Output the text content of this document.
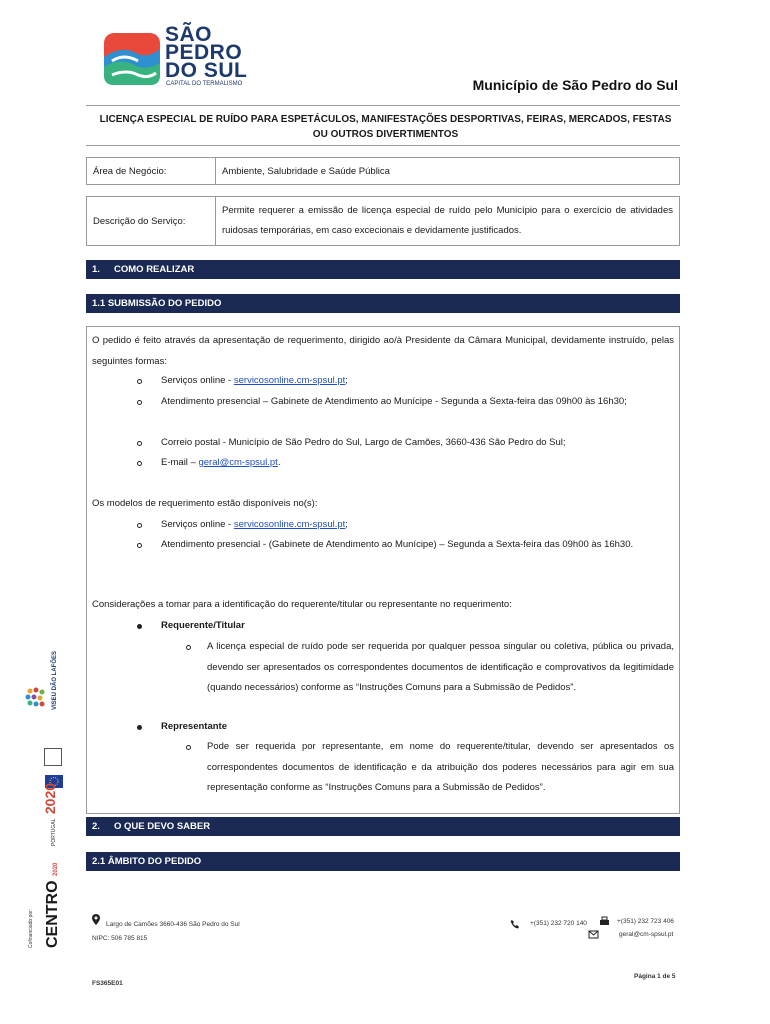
SÃO
PEDRO
DO SUL
CAPITAL DO TERMALISMO	Município de São Pedro do Sul
LICENÇA ESPECIAL DE RUÍDO PARA ESPETÁCULOS, MANIFESTAÇÕES DESPORTIVAS, FEIRAS, MERCADOS, FESTAS OU OUTROS DIVERTIMENTOS
Área de Negócio:	Ambiente, Salubridade e Saúde Pública
Descrição do Serviço:	Permite requerer a emissão de licença especial de ruído pelo Município para o exercício de atividades ruidosas temporárias, em caso excecionais e devidamente justificados.
1. COMO REALIZAR
1.1 SUBMISSÃO DO PEDIDO
O pedido é feito através da apresentação de requerimento, dirigido ao/à Presidente da Câmara Municipal, devidamente instruído, pelas seguintes formas:
Serviços online - servicosonline.cm-spsul.pt;
Atendimento presencial – Gabinete de Atendimento ao Munícipe - Segunda a Sexta-feira das 09h00 às 16h30;
Correio postal - Município de São Pedro do Sul, Largo de Camões, 3660-436 São Pedro do Sul;
E-mail – geral@cm-spsul.pt.
Os modelos de requerimento estão disponíveis no(s):
Serviços online - servicosonline.cm-spsul.pt;
Atendimento presencial - (Gabinete de Atendimento ao Munícipe) – Segunda a Sexta-feira das 09h00 às 16h30.
Considerações a tomar para a identificação do requerente/titular ou representante no requerimento:
Requerente/Titular
A licença especial de ruído pode ser requerida por qualquer pessoa singular ou coletiva, pública ou privada, devendo ser apresentados os correspondentes documentos de identificação e comprovativos da legitimidade (quando necessários) conforme as “Instruções Comuns para a Submissão de Pedidos”.
Representante
Pode ser requerida por representante, em nome do requerente/titular, devendo ser apresentados os correspondentes documentos de identificação e da atribuição dos poderes necessários para agir em sua representação conforme as “Instruções Comuns para a Submissão de Pedidos”.
2. O QUE DEVO SABER
2.1 ÂMBITO DO PEDIDO
Largo de Camões 3660-436 São Pedro do Sul
NIPC: 506 785 815
+(351) 232 720 140	+(351) 232 723 406
geral@cm-spsul.pt
Página 1 de 5
FS365E01
VISEU DÃO LAFÕES
PORTUGAL 2020
Cofinanciado por: CENTRO 2020
